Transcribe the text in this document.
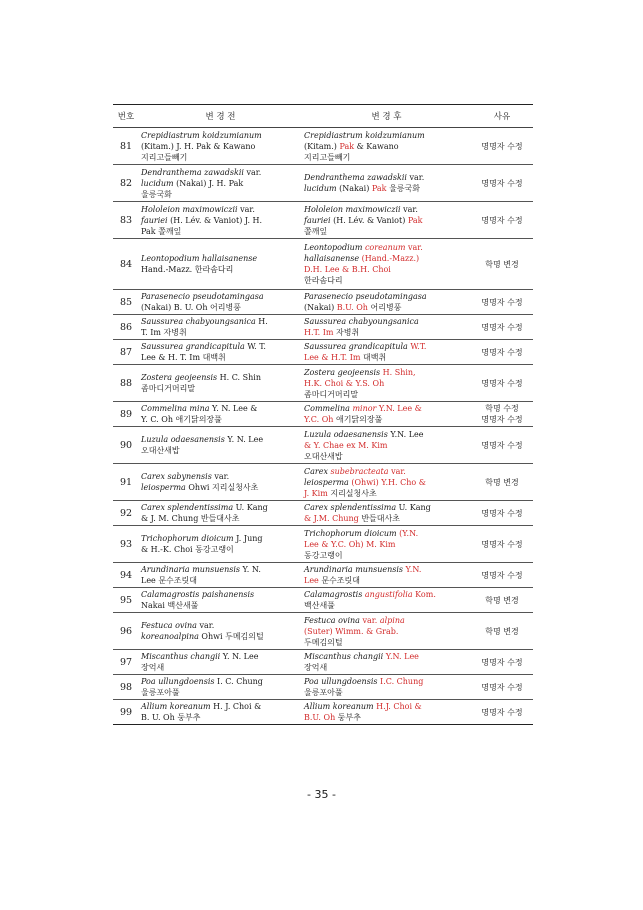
번호	변 경 전	변 경 후	사유
81	Crepidiastrum koidzumianum
(Kitam.) J. H. Pak & Kawano
지리고들빼기	Crepidiastrum koidzumianum
(Kitam.) Pak & Kawano
지리고들빼기	명명자 수정
82	Dendranthema zawadskii var.
lucidum (Nakai) J. H. Pak
울릉국화	Dendranthema zawadskii var.
lucidum (Nakai) Pak 울릉국화	명명자 수정
83	Hololeion maximowiczii var.
fauriei (H. Lév. & Vaniot) J. H.
Pak 쫄깨잎	Hololeion maximowiczii var.
fauriei (H. Lév. & Vaniot) Pak
쫄깨잎	명명자 수정
84	Leontopodium hallaisanense
Hand.-Mazz. 한라솜다리	Leontopodium coreanum var.
hallaisanense (Hand.-Mazz.)
D.H. Lee & B.H. Choi
한라솜다리	학명 변경
85	Parasenecio pseudotamingasa
(Nakai) B. U. Oh 어리병풍	Parasenecio pseudotamingasa
(Nakai) B.U. Oh 어리병풍	명명자 수정
86	Saussurea chabyoungsanica H.
T. Im 자병취	Saussurea chabyoungsanica
H.T. Im 자병취	명명자 수정
87	Saussurea grandicapitula W. T.
Lee & H. T. Im 대백취	Saussurea grandicapitula W.T.
Lee & H.T. Im 대백취	명명자 수정
88	Zostera geojeensis H. C. Shin
좀마디거머리말	Zostera geojeensis H. Shin,
H.K. Choi & Y.S. Oh
좀마디거머리말	명명자 수정
89	Commelina mina Y. N. Lee &
Y. C. Oh 애기닭의장풀	Commelina minor Y.N. Lee &
Y.C. Oh 애기닭의장풀	학명 수정
명명자 수정
90	Luzula odaesanensis Y. N. Lee
오대산새밥	Luzula odaesanensis Y.N. Lee
& Y. Chae ex M. Kim
오대산새밥	명명자 수정
91	Carex sabynensis var.
leiosperma Ohwi 지리실청사초	Carex subebracteata var.
leiosperma (Ohwi) Y.H. Cho &
J. Kim 지리실청사초	학명 변경
92	Carex splendentissima U. Kang
& J. M. Chung 반들대사초	Carex splendentissima U. Kang
& J.M. Chung 반들대사초	명명자 수정
93	Trichophorum dioicum J. Jung
& H.-K. Choi 동강고랭이	Trichophorum dioicum (Y.N.
Lee & Y.C. Oh) M. Kim
동강고랭이	명명자 수정
94	Arundinaria munsuensis Y. N.
Lee 문수조릿대	Arundinaria munsuensis Y.N.
Lee 문수조릿대	명명자 수정
95	Calamagrostis paishanensis
Nakai 백산새풀	Calamagrostis angustifolia Kom.
백산새풀	학명 변경
96	Festuca ovina var.
koreanoalpina Ohwi 두메김의털	Festuca ovina var. alpina
(Suter) Wimm. & Grab.
두메김의털	학명 변경
97	Miscanthus changii Y. N. Lee
장억새	Miscanthus changii Y.N. Lee
장억새	명명자 수정
98	Poa ullungdoensis I. C. Chung
울릉포아풀	Poa ullungdoensis I.C. Chung
울릉포아풀	명명자 수정
99	Allium koreanum H. J. Choi &
B. U. Oh 둥부추	Allium koreanum H.J. Choi &
B.U. Oh 둥부추	명명자 수정
- 35 -
